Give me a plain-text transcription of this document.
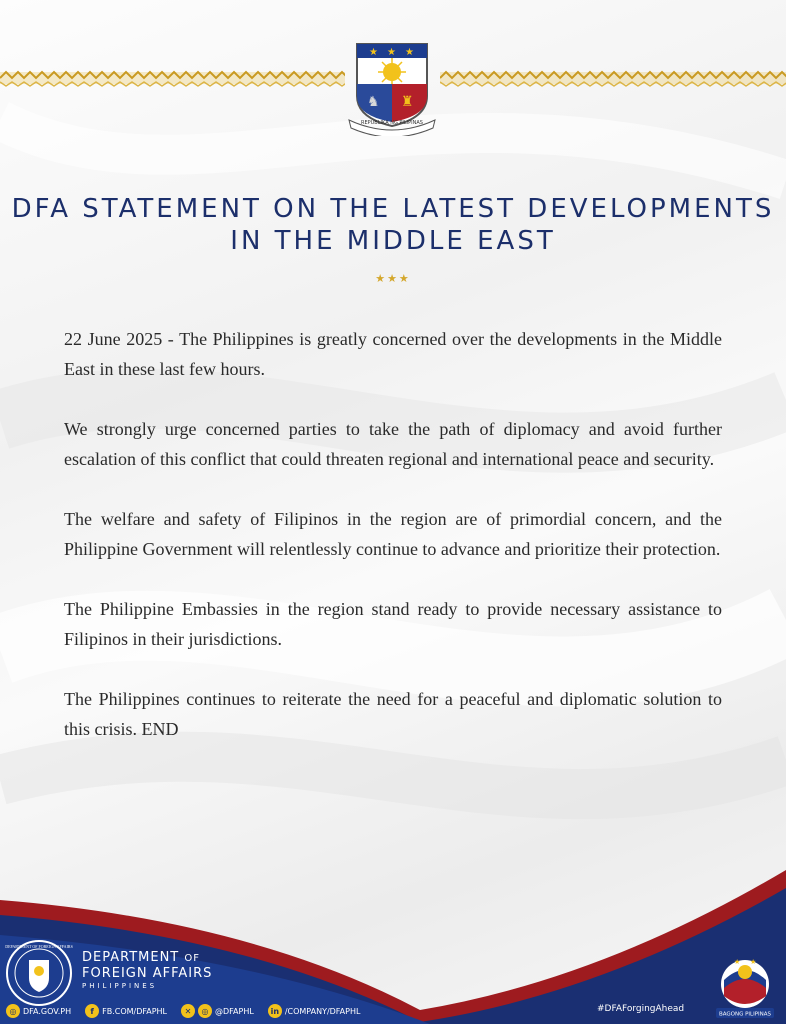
★ ★ ★
♞ ♜
REPUBLIKA NG PILIPINAS
DFA STATEMENT ON THE LATEST DEVELOPMENTS
IN THE MIDDLE EAST
★★★

22 June 2025 - The Philippines is greatly concerned over the developments in the Middle East in these last few hours.

We strongly urge concerned parties to take the path of diplomacy and avoid further escalation of this conflict that could threaten regional and international peace and security.

The welfare and safety of Filipinos in the region are of primordial concern, and the Philippine Government will relentlessly continue to advance and prioritize their protection.

The Philippine Embassies in the region stand ready to provide necessary assistance to Filipinos in their jurisdictions.

The Philippines continues to reiterate the need for a peaceful and diplomatic solution to this crisis. END

DEPARTMENT OF FOREIGN AFFAIRS
DEPARTMENT OF
FOREIGN AFFAIRS
PHILIPPINES
◎ DFA.GOV.PH	f	FB.COM/DFAPHL	✕	◎ @DFAPHL	in /COMPANY/DFAPHL	#DFAForgingAhead
★ ★
BAGONG PILIPINAS
